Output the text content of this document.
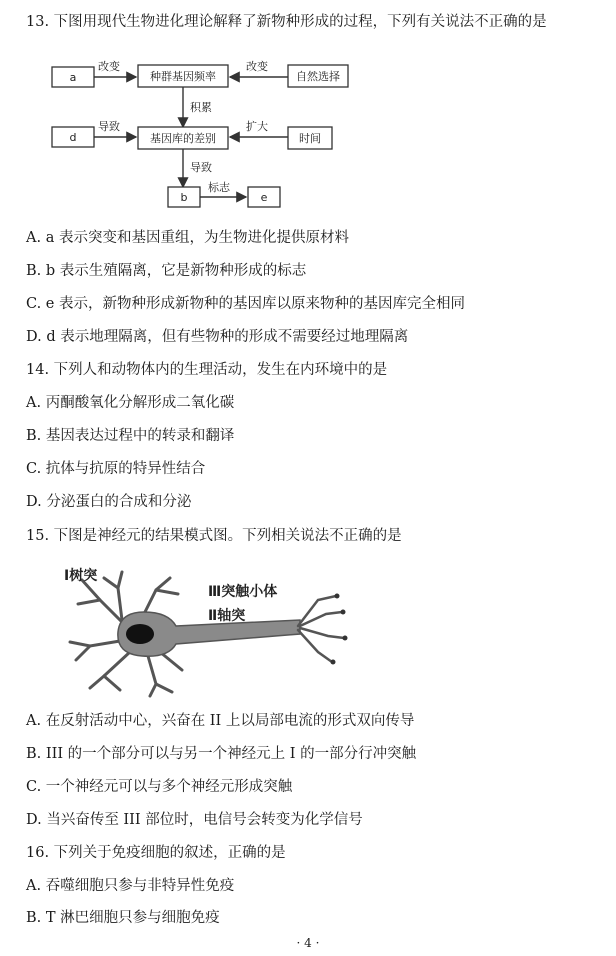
13. 下图用现代生物进化理论解释了新物种形成的过程，下列有关说法不正确的是
a	种群基因频率	自然选择
改变	改变
积累
d	基因库的差别	时间
导致	扩大
导致
b	e
标志
A. a 表示突变和基因重组，为生物进化提供原材料
B. b 表示生殖隔离，它是新物种形成的标志
C. e 表示，新物种形成新物种的基因库以原来物种的基因库完全相同
D. d 表示地理隔离，但有些物种的形成不需要经过地理隔离
14. 下列人和动物体内的生理活动，发生在内环境中的是
A. 丙酮酸氧化分解形成二氧化碳
B. 基因表达过程中的转录和翻译
C. 抗体与抗原的特异性结合
D. 分泌蛋白的合成和分泌
15. 下图是神经元的结果模式图。下列相关说法不正确的是
Ⅰ树突
Ⅲ突触小体
Ⅱ轴突
A. 在反射活动中心，兴奋在 II 上以局部电流的形式双向传导
B. III 的一个部分可以与另一个神经元上 I 的一部分行冲突触
C. 一个神经元可以与多个神经元形成突触
D. 当兴奋传至 III 部位时，电信号会转变为化学信号
16. 下列关于免疫细胞的叙述，正确的是
A. 吞噬细胞只参与非特异性免疫
B. T 淋巴细胞只参与细胞免疫
· 4 ·
